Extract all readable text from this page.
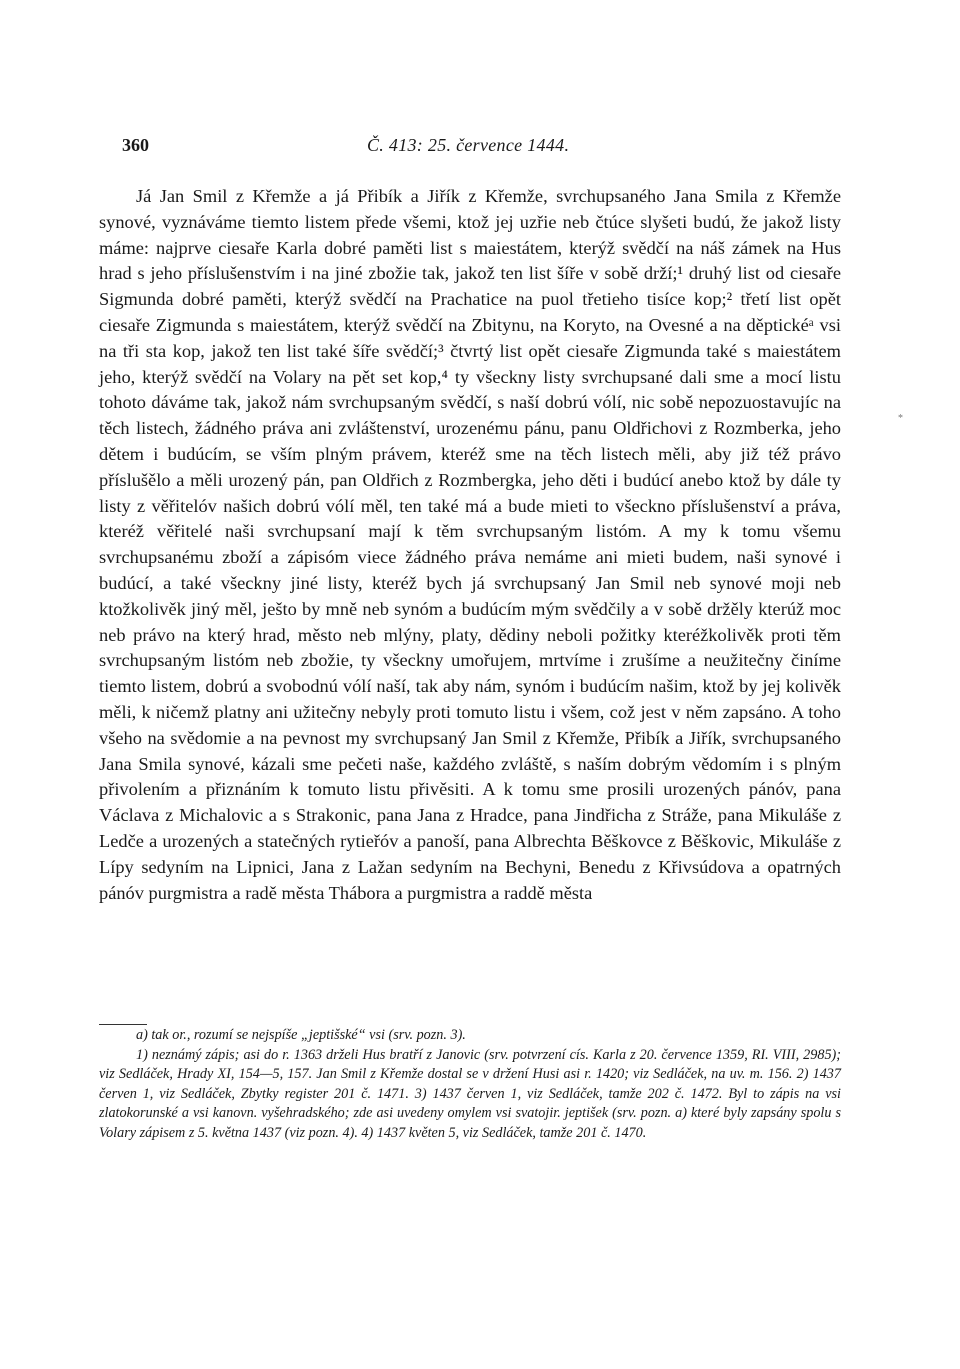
360	Č. 413: 25. července 1444.

Já Jan Smil z Křemže a já Přibík a Jiřík z Křemže, svrchupsaného Jana Smila z Křemže synové, vyznáváme tiemto listem přede všemi, ktož jej uzřie neb čtúce slyšeti budú, že jakož listy máme: najprve ciesaře Karla dobré paměti list s maiestátem, kterýž svědčí na náš zámek na Hus hrad s jeho příslušenstvím i na jiné zbožie tak, jakož ten list šíře v sobě drží;¹ druhý list od ciesaře Sigmunda dobré paměti, kterýž svědčí na Prachatice na puol třetieho tisíce kop;² třetí list opět ciesaře Zigmunda s maiestátem, kterýž svědčí na Zbitynu, na Koryto, na Ovesné a na děptickéᵃ vsi na tři sta kop, jakož ten list také šíře svědčí;³ čtvrtý list opět ciesaře Zigmunda také s maiestátem jeho, kterýž svědčí na Volary na pět set kop,⁴ ty všeckny listy svrchupsané dali sme a mocí listu tohoto dáváme tak, jakož nám svrchupsaným svědčí, s naší dobrú vólí, nic sobě nepozuostavujíc na těch listech, žádného práva ani zvláštenství, urozenému pánu, panu Oldřichovi z Rozmberka, jeho dětem i budúcím, se vším plným právem, kteréž sme na těch listech měli, aby již též právo příslušělo a měli urozený pán, pan Oldřich z Rozmbergka, jeho děti i budúcí anebo ktož by dále ty listy z věřitelóv našich dobrú vólí měl, ten také má a bude mieti to všeckno příslušenství a práva, kteréž věřitelé naši svrchupsaní mají k těm svrchupsaným listóm. A my k tomu všemu svrchupsanému zboží a zápisóm viece žádného práva nemáme ani mieti budem, naši synové i budúcí, a také všeckny jiné listy, kteréž bych já svrchupsaný Jan Smil neb synové moji neb ktožkolivěk jiný měl, ješto by mně neb synóm a budúcím mým svědčily a v sobě držěly kterúž moc neb právo na který hrad, město neb mlýny, platy, dědiny neboli požitky kteréžkolivěk proti těm svrchupsaným listóm neb zbožie, ty všeckny umořujem, mrtvíme i zrušíme a neužitečny činíme tiemto listem, dobrú a svobodnú vólí naší, tak aby nám, synóm i budúcím našim, ktož by jej kolivěk měli, k ničemž platny ani užitečny nebyly proti tomuto listu i všem, což jest v něm zapsáno. A toho všeho na svědomie a na pevnost my svrchupsaný Jan Smil z Křemže, Přibík a Jiřík, svrchupsaného Jana Smila synové, kázali sme pečeti naše, každého zvláště, s naším dobrým vědomím i s plným přivolením a přiznáním k tomuto listu přivěsiti. A k tomu sme prosili urozených pánóv, pana Václava z Michalovic a s Strakonic, pana Jana z Hradce, pana Jindřicha z Stráže, pana Mikuláše z Ledče a urozených a statečných rytieřóv a panoší, pana Albrechta Běškovce z Běškovic, Mikuláše z Lípy sedyním na Lipnici, Jana z Lažan sedyním na Bechyni, Benedu z Křivsúdova a opatrných pánóv purgmistra a radě města Thábora a purgmistra a raddě města

*

a) tak or., rozumí se nejspíše „jeptišské“ vsi (srv. pozn. 3).

1) neznámý zápis; asi do r. 1363 drželi Hus bratří z Janovic (srv. potvrzení cís. Karla z 20. července 1359, RI. VIII, 2985); viz Sedláček, Hrady XI, 154—5, 157. Jan Smil z Křemže dostal se v držení Husi asi r. 1420; viz Sedláček, na uv. m. 156. 2) 1437 červen 1, viz Sedláček, Zbytky register 201 č. 1471. 3) 1437 červen 1, viz Sedláček, tamže 202 č. 1472. Byl to zápis na vsi zlatokorunské a vsi kanovn. vyšehradského; zde asi uvedeny omylem vsi svatojir. jeptišek (srv. pozn. a) které byly zapsány spolu s Volary zápisem z 5. května 1437 (viz pozn. 4). 4) 1437 květen 5, viz Sedláček, tamže 201 č. 1470.
